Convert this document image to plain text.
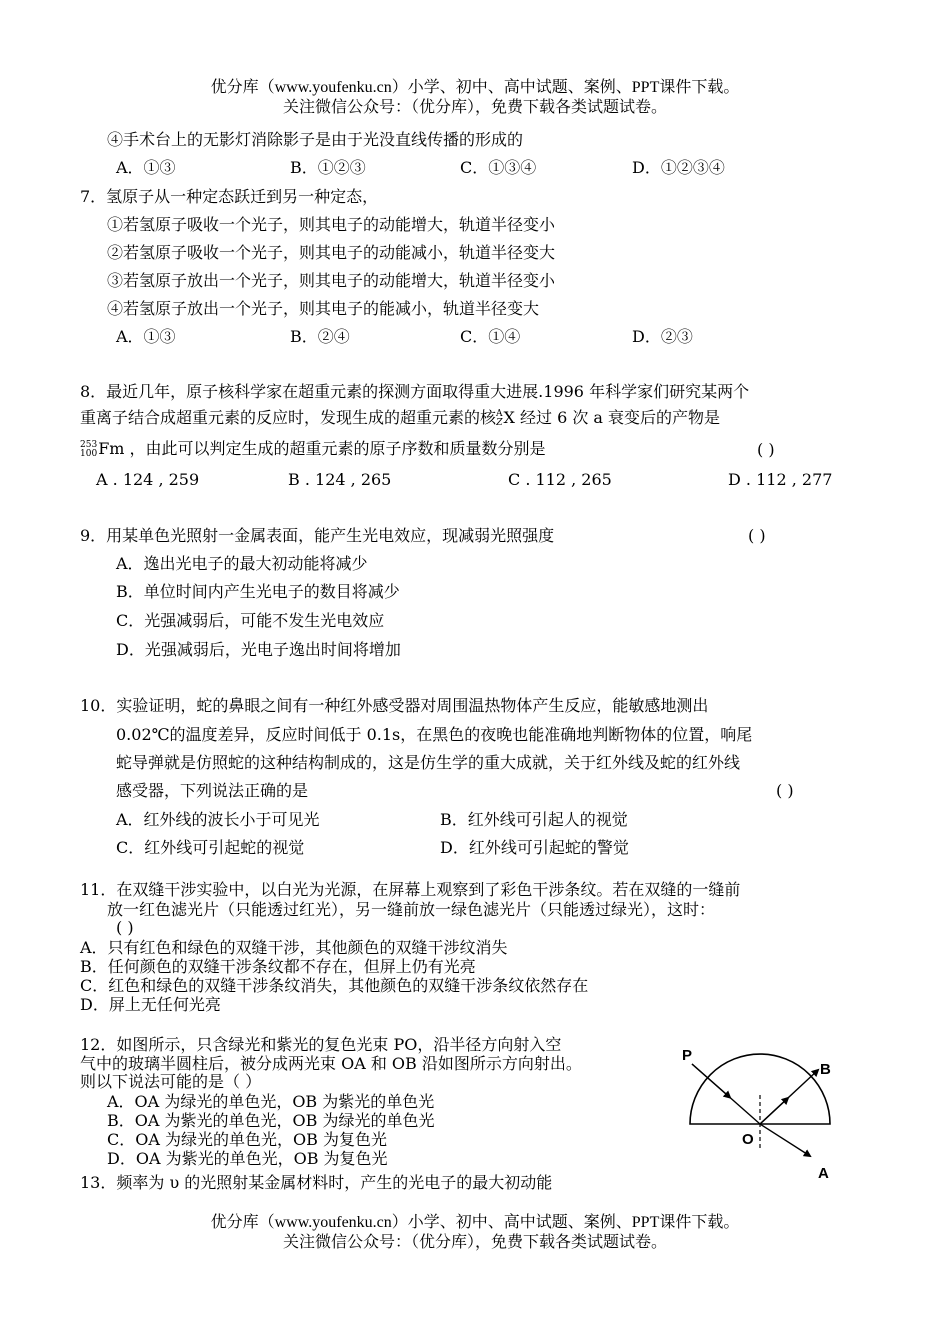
优分库（www.youfenku.cn）小学、初中、高中试题、案例、PPT课件下载。
关注微信公众号：（优分库），免费下载各类试题试卷。
④手术台上的无影灯消除影子是由于光没直线传播的形成的
A．①③	B．①②③	C．①③④	D．①②③④
7．氢原子从一种定态跃迁到另一种定态，
①若氢原子吸收一个光子，则其电子的动能增大，轨道半径变小
②若氢原子吸收一个光子，则其电子的动能减小，轨道半径变大
③若氢原子放出一个光子，则其电子的动能增大，轨道半径变小
④若氢原子放出一个光子，则其电子的能减小，轨道半径变大
A．①③	B．②④	C．①④	D．②③
8．最近几年，原子核科学家在超重元素的探测方面取得重大进展.1996 年科学家们研究某两个
重离子结合成超重元素的反应时，发现生成的超重元素的核 A
Z X 经过 6 次 a 衰变后的产物是
253
100 Fm ，由此可以判定生成的超重元素的原子序数和质量数分别是	( )
A . 124 , 259	B . 124 , 265	C . 112 , 265	D . 112 , 277
9．用某单色光照射一金属表面，能产生光电效应，现减弱光照强度	( )
A．逸出光电子的最大初动能将减少
B．单位时间内产生光电子的数目将减少
C．光强减弱后，可能不发生光电效应
D．光强减弱后，光电子逸出时间将增加
10．实验证明，蛇的鼻眼之间有一种红外感受器对周围温热物体产生反应，能敏感地测出
0.02℃的温度差异，反应时间低于 0.1s，在黑色的夜晚也能准确地判断物体的位置，响尾
蛇导弹就是仿照蛇的这种结构制成的，这是仿生学的重大成就，关于红外线及蛇的红外线
感受器，下列说法正确的是	( )
A．红外线的波长小于可见光	B．红外线可引起人的视觉
C．红外线可引起蛇的视觉	D．红外线可引起蛇的警觉
11．在双缝干涉实验中，以白光为光源，在屏幕上观察到了彩色干涉条纹。若在双缝的一缝前
放一红色滤光片（只能透过红光），另一缝前放一绿色滤光片（只能透过绿光），这时：
( )
A．只有红色和绿色的双缝干涉，其他颜色的双缝干涉纹消失
B．任何颜色的双缝干涉条纹都不存在，但屏上仍有光亮
C．红色和绿色的双缝干涉条纹消失，其他颜色的双缝干涉条纹依然存在
D．屏上无任何光亮
12．如图所示，只含绿光和紫光的复色光束 PO，沿半径方向射入空
气中的玻璃半圆柱后，被分成两光束 OA 和 OB 沿如图所示方向射出。
则以下说法可能的是（ ）
A．OA 为绿光的单色光，OB 为紫光的单色光
B．OA 为紫光的单色光，OB 为绿光的单色光
C．OA 为绿光的单色光，OB 为复色光
D．OA 为紫光的单色光，OB 为复色光
P
B
O
A
13．频率为 υ 的光照射某金属材料时，产生的光电子的最大初动能
优分库（www.youfenku.cn）小学、初中、高中试题、案例、PPT课件下载。
关注微信公众号：（优分库），免费下载各类试题试卷。
